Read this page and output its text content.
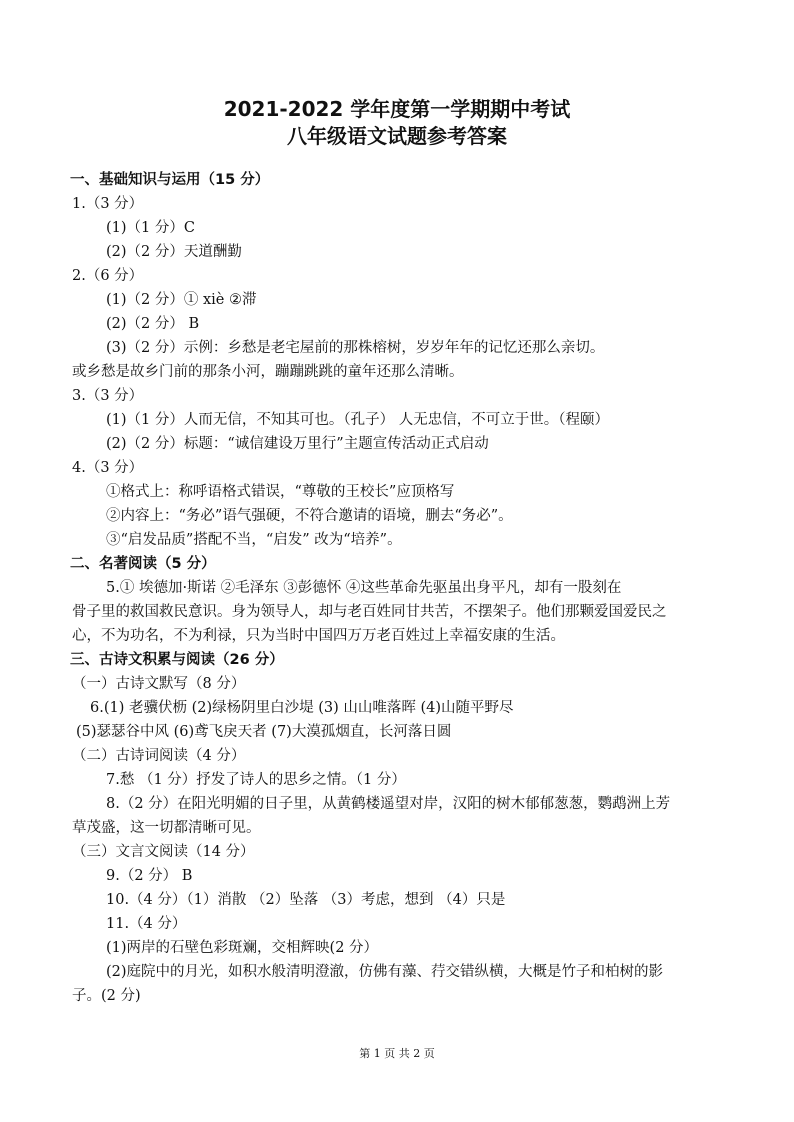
2021-2022 学年度第一学期期中考试
八年级语文试题参考答案
一、基础知识与运用（15 分）
1.（3 分）
(1)（1 分）C
(2)（2 分）天道酬勤
2.（6 分）
(1)（2 分）① xiè ②滞
(2)（2 分） B
(3)（2 分）示例：乡愁是老宅屋前的那株榕树，岁岁年年的记忆还那么亲切。
或乡愁是故乡门前的那条小河，蹦蹦跳跳的童年还那么清晰。
3.（3 分）
(1)（1 分）人而无信，不知其可也。（孔子） 人无忠信，不可立于世。（程颐）
(2)（2 分）标题：“诚信建设万里行”主题宣传活动正式启动
4.（3 分）
①格式上：称呼语格式错误，“尊敬的王校长”应顶格写
②内容上：“务必”语气强硬，不符合邀请的语境，删去“务必”。
③“启发品质”搭配不当，“启发” 改为“培养”。
二、名著阅读（5 分）
5.① 埃德加·斯诺 ②毛泽东 ③彭德怀 ④这些革命先驱虽出身平凡，却有一股刻在
骨子里的救国救民意识。身为领导人，却与老百姓同甘共苦，不摆架子。他们那颗爱国爱民之
心，不为功名，不为利禄，只为当时中国四万万老百姓过上幸福安康的生活。
三、古诗文积累与阅读（26 分）
（一）古诗文默写（8 分）
6.(1) 老骥伏枥 (2)绿杨阴里白沙堤 (3) 山山唯落晖 (4)山随平野尽
(5)瑟瑟谷中风 (6)鸢飞戾天者 (7)大漠孤烟直，长河落日圆
（二）古诗词阅读（4 分）
7.愁 （1 分）抒发了诗人的思乡之情。（1 分）
8.（2 分）在阳光明媚的日子里，从黄鹤楼遥望对岸，汉阳的树木郁郁葱葱，鹦鹉洲上芳
草茂盛，这一切都清晰可见。
（三）文言文阅读（14 分）
9.（2 分） B
10.（4 分）（1）消散 （2）坠落 （3）考虑，想到 （4）只是
11.（4 分）
(1)两岸的石壁色彩斑斓，交相辉映(2 分）
(2)庭院中的月光，如积水般清明澄澈，仿佛有藻、荇交错纵横，大概是竹子和柏树的影
子。(2 分)
第 1 页 共 2 页
